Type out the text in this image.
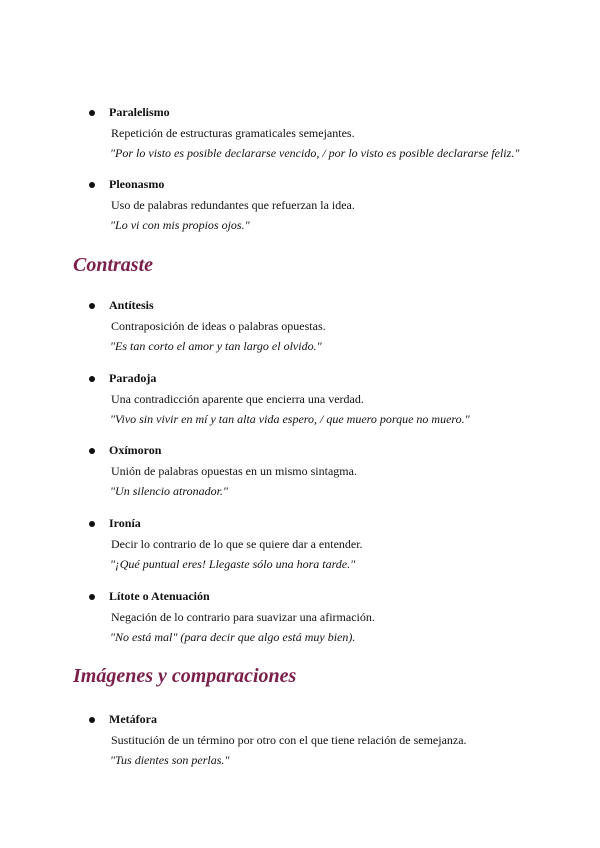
Paralelismo
Repetición de estructuras gramaticales semejantes.
"Por lo visto es posible declararse vencido, / por lo visto es posible declararse feliz."
Pleonasmo
Uso de palabras redundantes que refuerzan la idea.
"Lo vi con mis propios ojos."
Contraste
Antítesis
Contraposición de ideas o palabras opuestas.
"Es tan corto el amor y tan largo el olvido."
Paradoja
Una contradicción aparente que encierra una verdad.
"Vivo sin vivir en mí y tan alta vida espero, / que muero porque no muero."
Oxímoron
Unión de palabras opuestas en un mismo sintagma.
"Un silencio atronador."
Ironía
Decir lo contrario de lo que se quiere dar a entender.
"¡Qué puntual eres! Llegaste sólo una hora tarde."
Lítote o Atenuación
Negación de lo contrario para suavizar una afirmación.
"No está mal" (para decir que algo está muy bien).
Imágenes y comparaciones
Metáfora
Sustitución de un término por otro con el que tiene relación de semejanza.
"Tus dientes son perlas."
